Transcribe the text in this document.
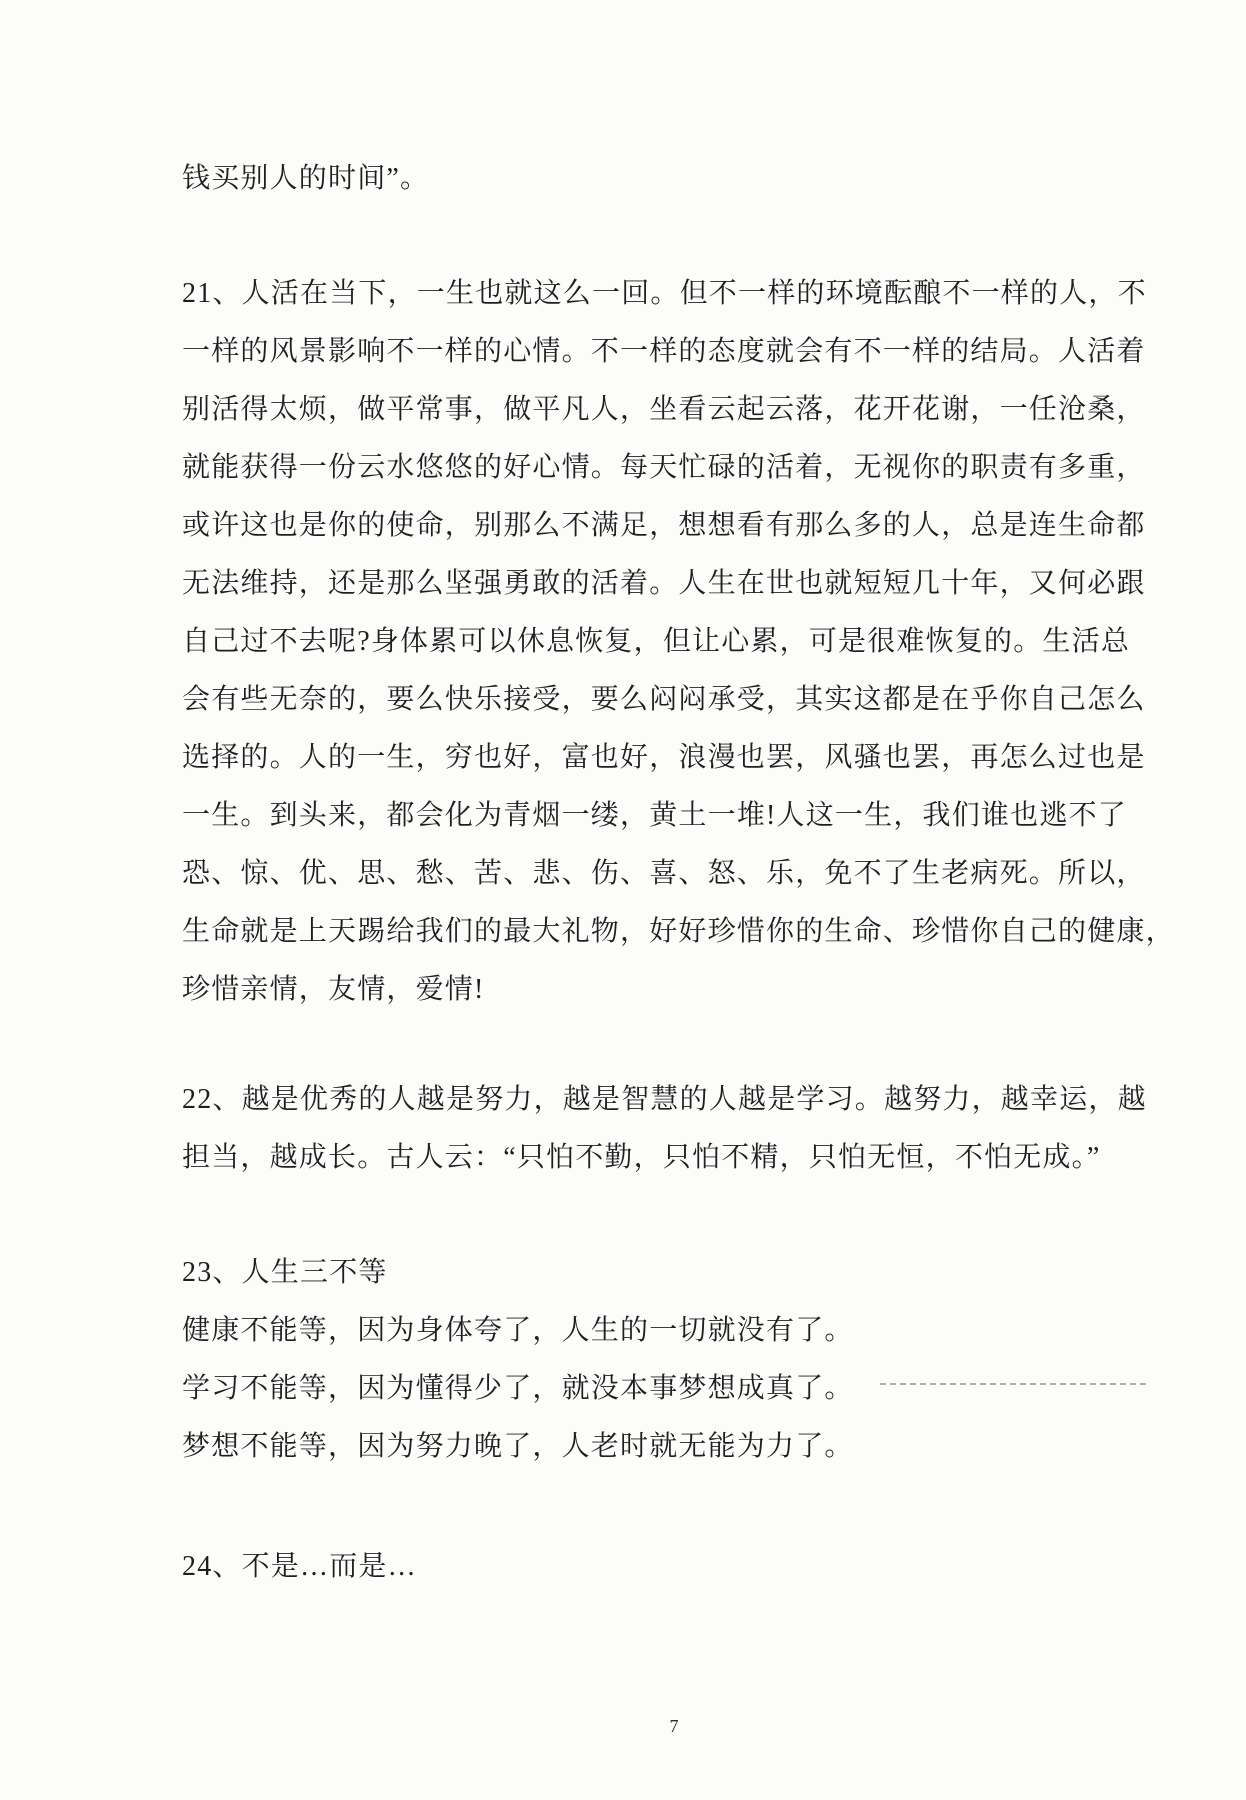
钱买别人的时间”。
21、人活在当下，一生也就这么一回。但不一样的环境酝酿不一样的人，不
一样的风景影响不一样的心情。不一样的态度就会有不一样的结局。人活着
别活得太烦，做平常事，做平凡人，坐看云起云落，花开花谢，一任沧桑，
就能获得一份云水悠悠的好心情。每天忙碌的活着，无视你的职责有多重，
或许这也是你的使命，别那么不满足，想想看有那么多的人，总是连生命都
无法维持，还是那么坚强勇敢的活着。人生在世也就短短几十年，又何必跟
自己过不去呢?身体累可以休息恢复，但让心累，可是很难恢复的。生活总
会有些无奈的，要么快乐接受，要么闷闷承受，其实这都是在乎你自己怎么
选择的。人的一生，穷也好，富也好，浪漫也罢，风骚也罢，再怎么过也是
一生。到头来，都会化为青烟一缕，黄土一堆!人这一生，我们谁也逃不了
恐、惊、优、思、愁、苦、悲、伤、喜、怒、乐，免不了生老病死。所以，
生命就是上天踢给我们的最大礼物，好好珍惜你的生命、珍惜你自己的健康，
珍惜亲情，友情，爱情!
22、越是优秀的人越是努力，越是智慧的人越是学习。越努力，越幸运，越
担当，越成长。古人云：“只怕不勤，只怕不精，只怕无恒，不怕无成。”
23、人生三不等
健康不能等，因为身体夸了，人生的一切就没有了。
学习不能等，因为懂得少了，就没本事梦想成真了。
梦想不能等，因为努力晚了，人老时就无能为力了。
24、不是…而是…
7
